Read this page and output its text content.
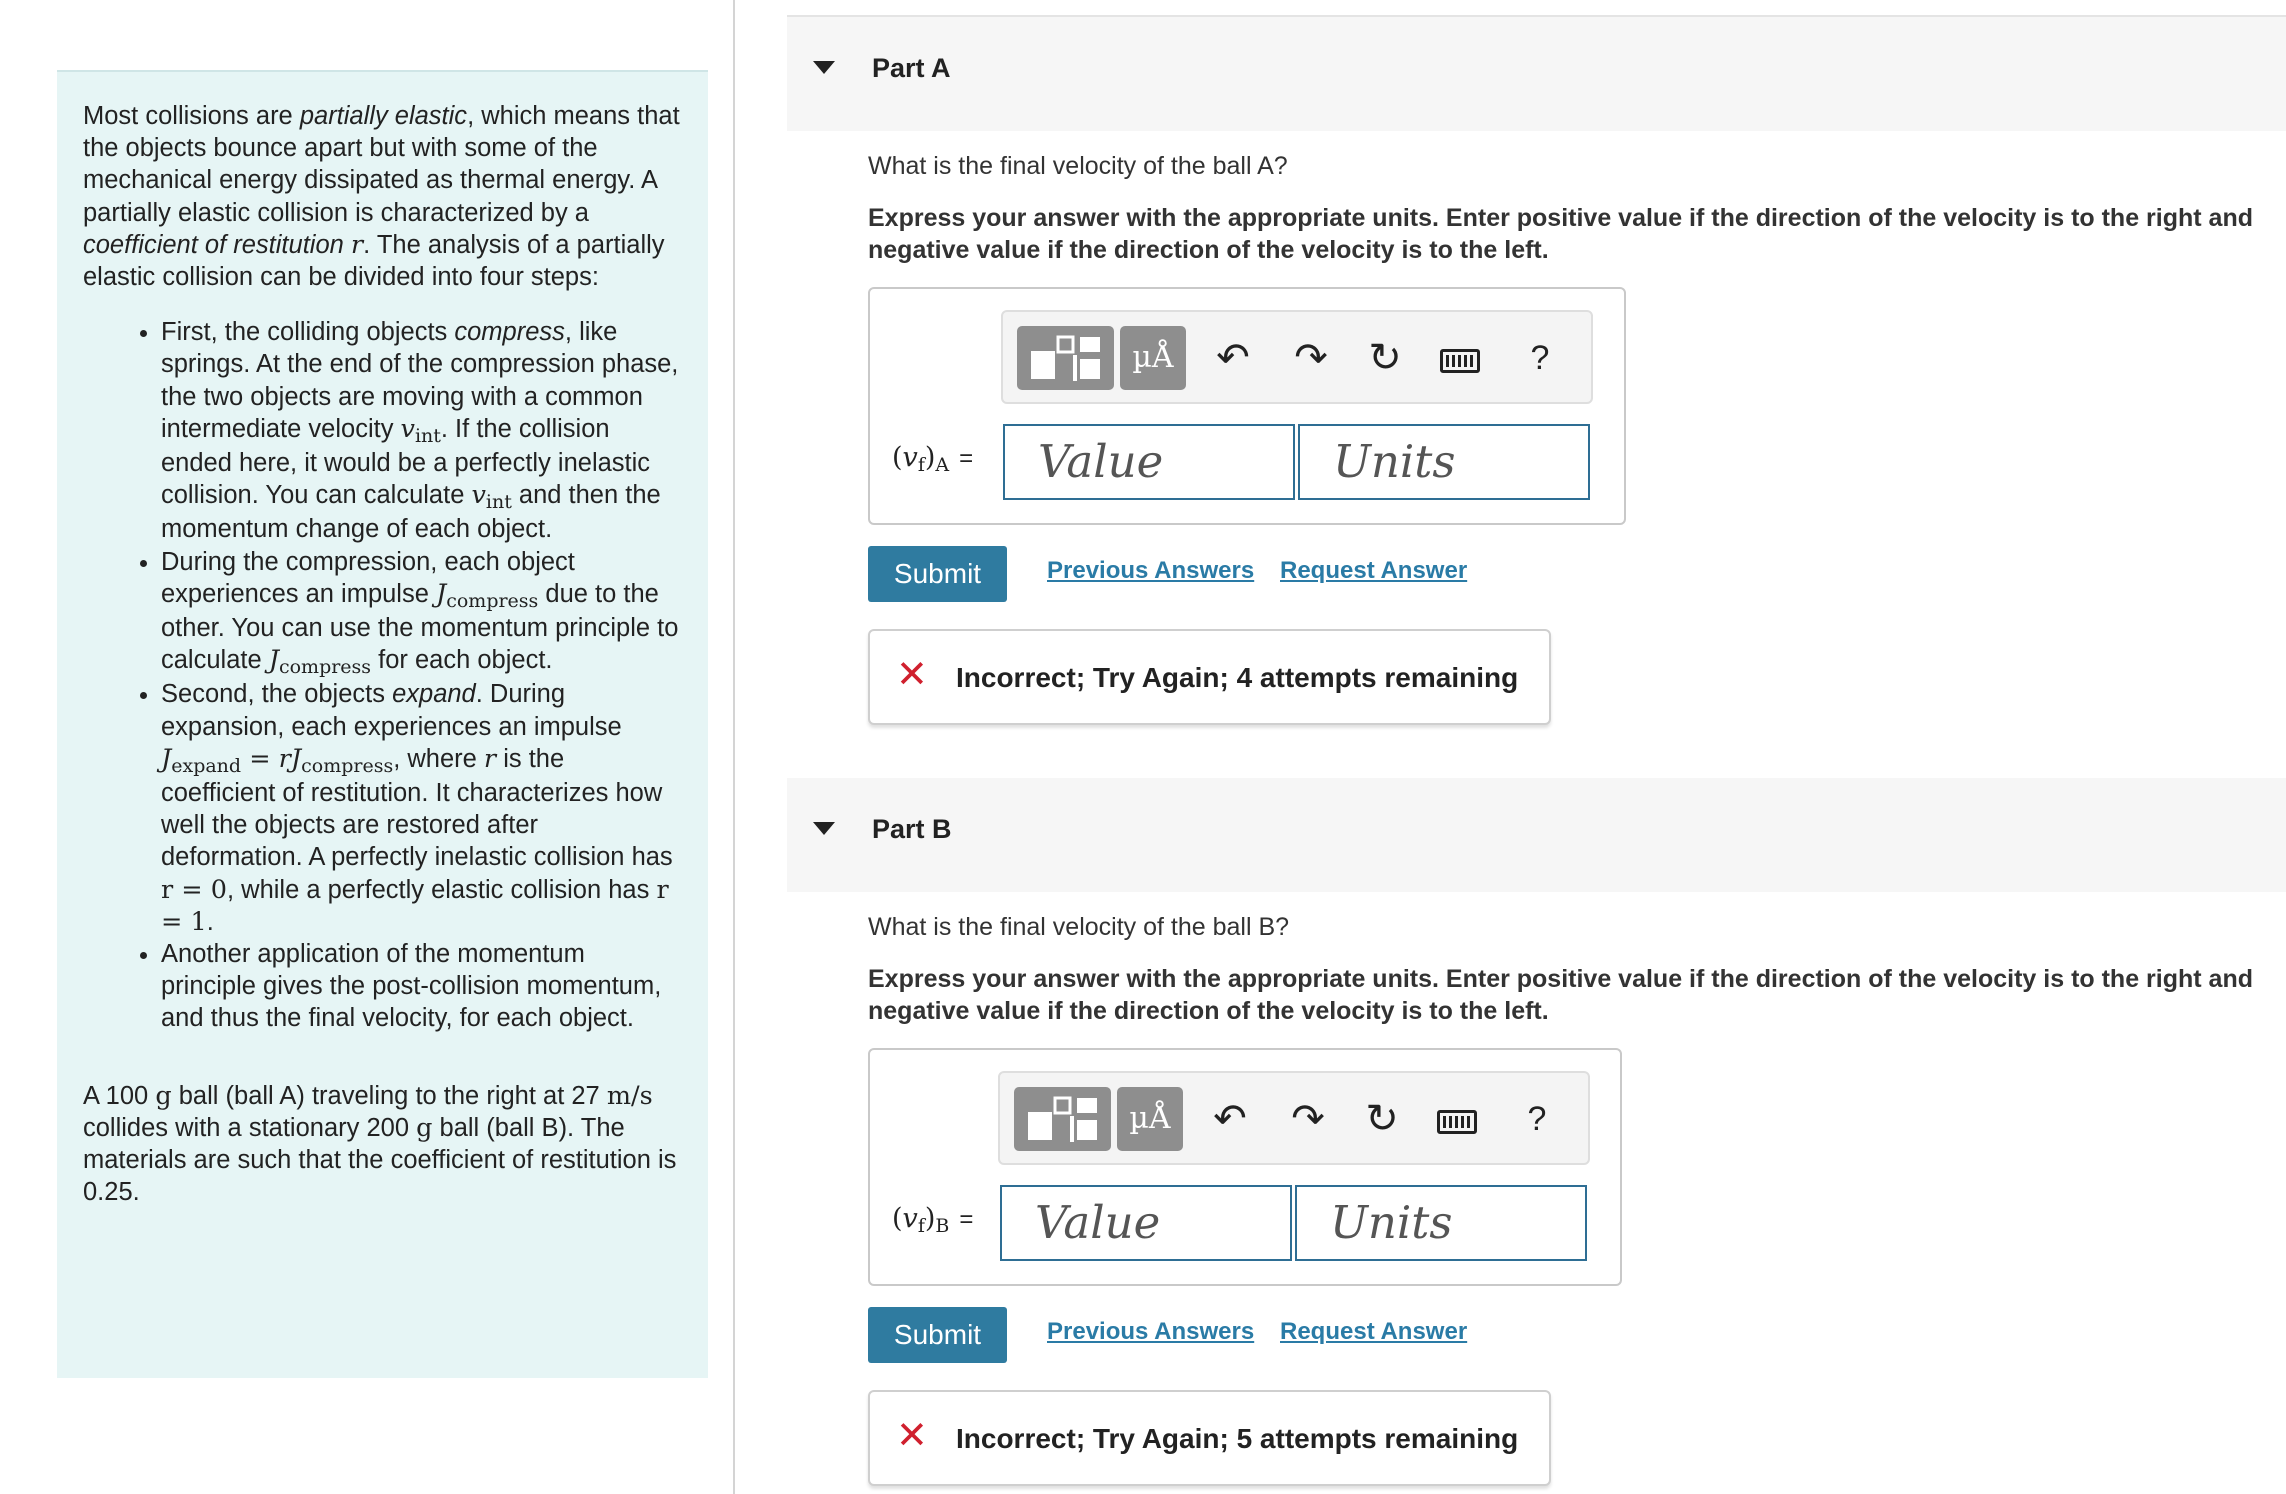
Most collisions are partially elastic, which means that the objects bounce apart but with some of the mechanical energy dissipated as thermal energy. A partially elastic collision is characterized by a coefficient of restitution r. The analysis of a partially elastic collision can be divided into four steps:

• First, the colliding objects compress, like springs. At the end of the compression phase, the two objects are moving with a common intermediate velocity vint. If the collision ended here, it would be a perfectly inelastic collision. You can calculate vint and then the momentum change of each object.
• During the compression, each object experiences an impulse Jcompress due to the other. You can use the momentum principle to calculate Jcompress for each object.
• Second, the objects expand. During expansion, each experiences an impulse Jexpand = rJcompress, where r is the coefficient of restitution. It characterizes how well the objects are restored after deformation. A perfectly inelastic collision has r = 0, while a perfectly elastic collision has r = 1.
• Another application of the momentum principle gives the post-collision momentum, and thus the final velocity, for each object.

A 100 g ball (ball A) traveling to the right at 27 m/s collides with a stationary 200 g ball (ball B). The materials are such that the coefficient of restitution is 0.25.

Part A
What is the final velocity of the ball A?
Express your answer with the appropriate units. Enter positive value if the direction of the velocity is to the right and negative value if the direction of the velocity is to the left.
µÅ	↶ ↷ ↻	?
(vf)A = Value	Units
Submit	Previous Answers Request Answer
✕ Incorrect; Try Again; 4 attempts remaining
Part B
What is the final velocity of the ball B?
Express your answer with the appropriate units. Enter positive value if the direction of the velocity is to the right and negative value if the direction of the velocity is to the left.
µÅ	↶ ↷ ↻	?
(vf)B = Value	Units
Submit	Previous Answers Request Answer
✕ Incorrect; Try Again; 5 attempts remaining
